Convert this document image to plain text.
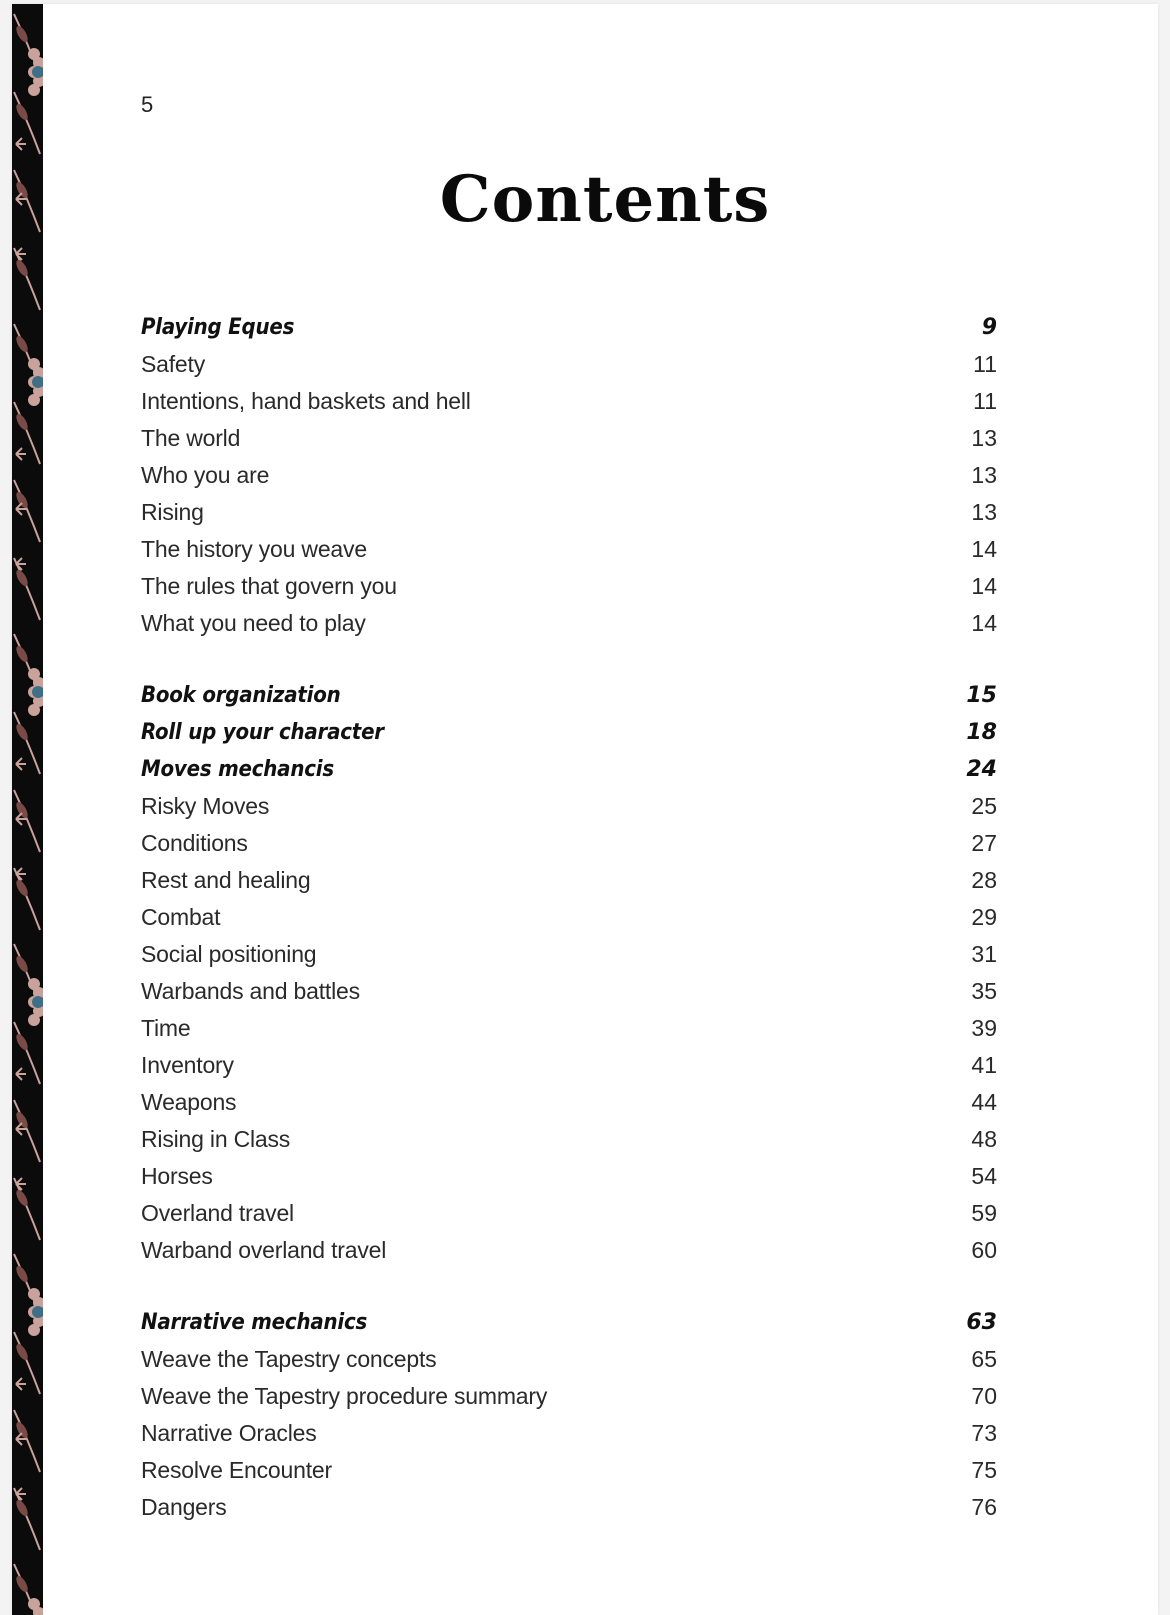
5

Contents
Playing Eques	9
Safety	11
Intentions, hand baskets and hell	11
The world	13
Who you are	13
Rising	13
The history you weave	14
The rules that govern you	14
What you need to play	14
Book organization	15
Roll up your character	18
Moves mechancis	24
Risky Moves	25
Conditions	27
Rest and healing	28
Combat	29
Social positioning	31
Warbands and battles	35
Time	39
Inventory	41
Weapons	44
Rising in Class	48
Horses	54
Overland travel	59
Warband overland travel	60
Narrative mechanics	63
Weave the Tapestry concepts	65
Weave the Tapestry procedure summary	70
Narrative Oracles	73
Resolve Encounter	75
Dangers	76
